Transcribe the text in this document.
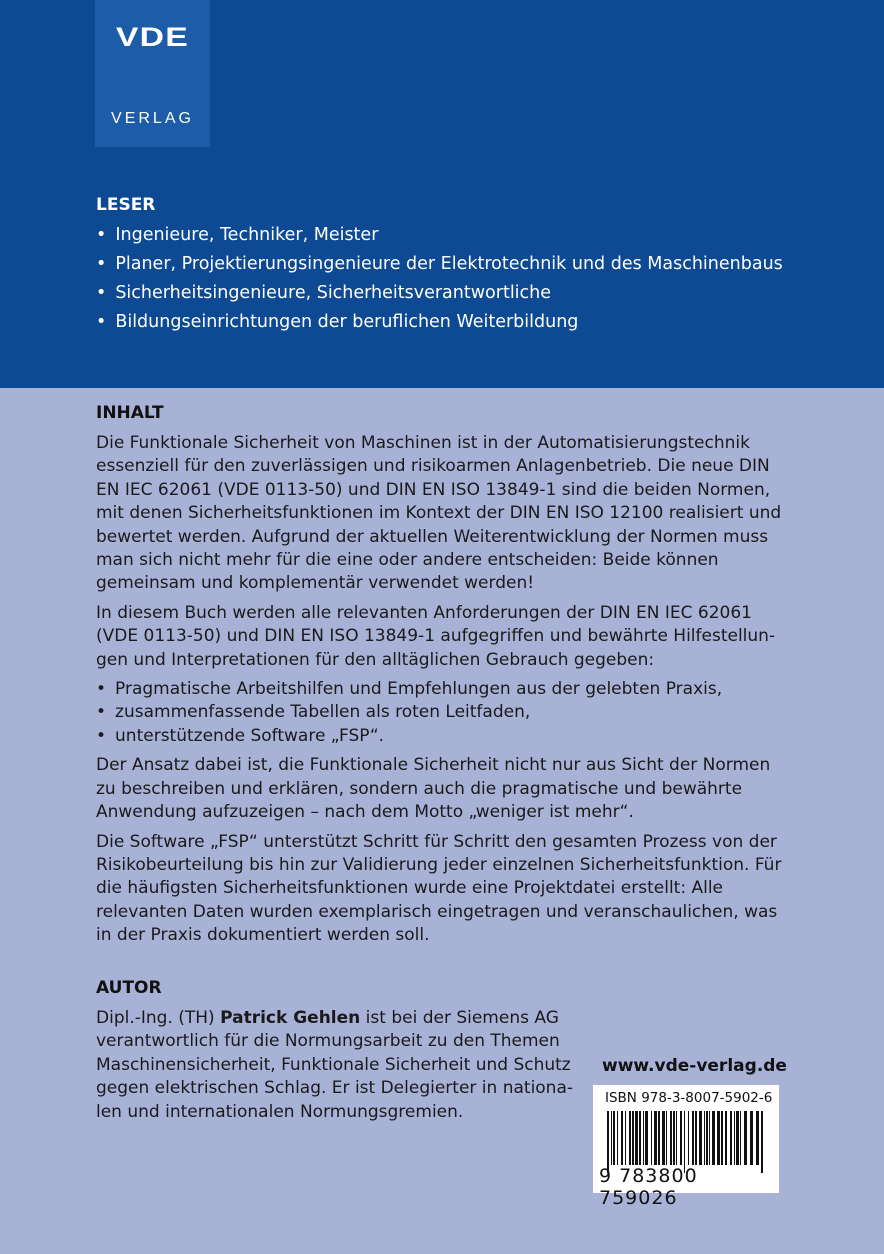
VDE
VERLAG
LESER
• Ingenieure, Techniker, Meister
• Planer, Projektierungsingenieure der Elektrotechnik und des Maschinenbaus
• Sicherheitsingenieure, Sicherheitsverantwortliche
• Bildungseinrichtungen der beruflichen Weiterbildung
INHALT

Die Funktionale Sicherheit von Maschinen ist in der Automatisierungstechnik
essenziell für den zuverlässigen und risikoarmen Anlagenbetrieb. Die neue DIN
EN IEC 62061 (VDE 0113-50) und DIN EN ISO 13849-1 sind die beiden Normen,
mit denen Sicherheitsfunktionen im Kontext der DIN EN ISO 12100 realisiert und
bewertet werden. Aufgrund der aktuellen Weiterentwicklung der Normen muss
man sich nicht mehr für die eine oder andere entscheiden: Beide können
gemeinsam und komplementär verwendet werden!

In diesem Buch werden alle relevanten Anforderungen der DIN EN IEC 62061
(VDE 0113-50) und DIN EN ISO 13849-1 aufgegriffen und bewährte Hilfestellun-
gen und Interpretationen für den alltäglichen Gebrauch gegeben:

• Pragmatische Arbeitshilfen und Empfehlungen aus der gelebten Praxis,
• zusammenfassende Tabellen als roten Leitfaden,
• unterstützende Software „FSP“.

Der Ansatz dabei ist, die Funktionale Sicherheit nicht nur aus Sicht der Normen
zu beschreiben und erklären, sondern auch die pragmatische und bewährte
Anwendung aufzuzeigen – nach dem Motto „weniger ist mehr“.

Die Software „FSP“ unterstützt Schritt für Schritt den gesamten Prozess von der
Risikobeurteilung bis hin zur Validierung jeder einzelnen Sicherheitsfunktion. Für
die häufigsten Sicherheitsfunktionen wurde eine Projektdatei erstellt: Alle
relevanten Daten wurden exemplarisch eingetragen und veranschaulichen, was
in der Praxis dokumentiert werden soll.

AUTOR
Dipl.-Ing. (TH) Patrick Gehlen ist bei der Siemens AG
verantwortlich für die Normungsarbeit zu den Themen
Maschinensicherheit, Funktionale Sicherheit und Schutz
gegen elektrischen Schlag. Er ist Delegierter in nationa-
len und internationalen Normungsgremien.
www.vde-verlag.de
ISBN 978-3-8007-5902-6
9 783800 759026
